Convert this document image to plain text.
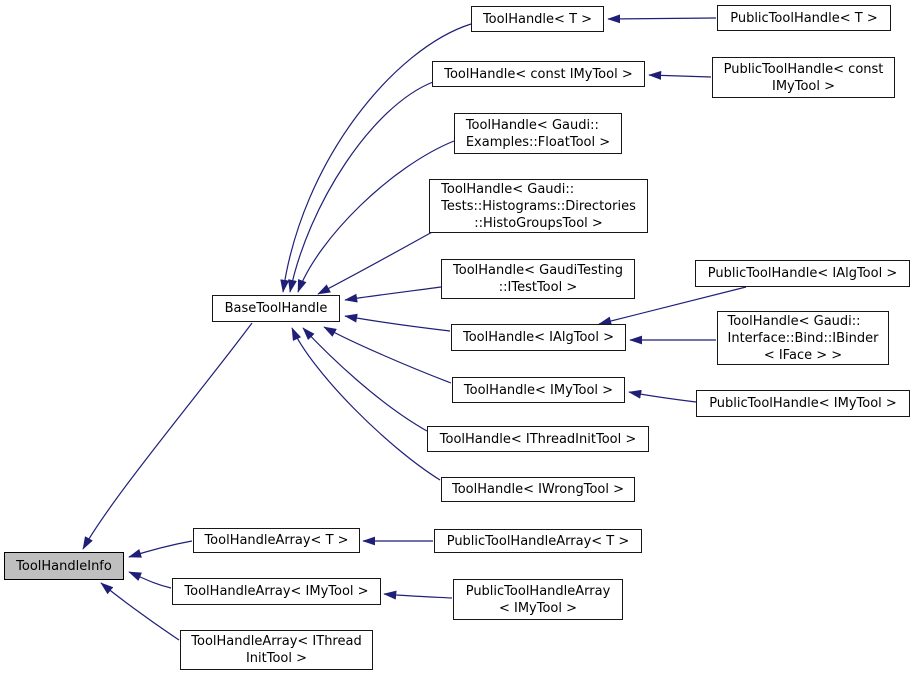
ToolHandleInfo
BaseToolHandle
ToolHandle< T >
ToolHandle< const IMyTool >
ToolHandle< Gaudi::
Examples::FloatTool >
ToolHandle< Gaudi::
Tests::Histograms::Directories
::HistoGroupsTool >
ToolHandle< GaudiTesting
::ITestTool >
ToolHandle< IAlgTool >
ToolHandle< IMyTool >
ToolHandle< IThreadInitTool >
ToolHandle< IWrongTool >
PublicToolHandle< T >
PublicToolHandle< const
IMyTool >
PublicToolHandle< IAlgTool >
ToolHandle< Gaudi::
Interface::Bind::IBinder
< IFace > >
PublicToolHandle< IMyTool >
ToolHandleArray< T >	PublicToolHandleArray< T >
ToolHandleArray< IMyTool >	PublicToolHandleArray
< IMyTool >
ToolHandleArray< IThread
InitTool >
